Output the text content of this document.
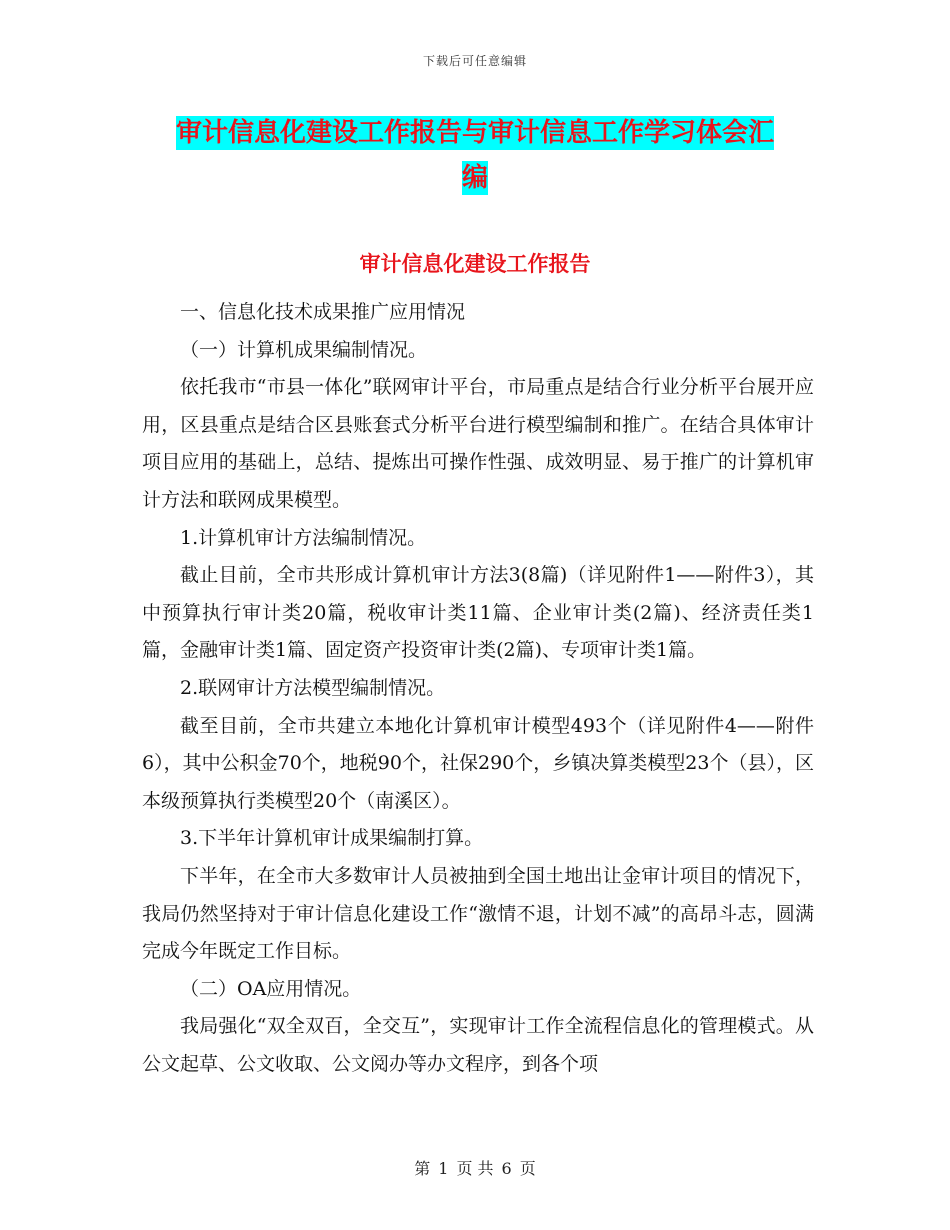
下载后可任意编辑
审计信息化建设工作报告与审计信息工作学习体会汇
编
审计信息化建设工作报告

一、信息化技术成果推广应用情况

（一）计算机成果编制情况。

依托我市“市县一体化”联网审计平台，市局重点是结合行业分析平台展开应用，区县重点是结合区县账套式分析平台进行模型编制和推广。在结合具体审计项目应用的基础上，总结、提炼出可操作性强、成效明显、易于推广的计算机审计方法和联网成果模型。

1.计算机审计方法编制情况。

截止目前，全市共形成计算机审计方法3(8篇)（详见附件1——附件3），其中预算执行审计类20篇，税收审计类11篇、企业审计类(2篇)、经济责任类1篇，金融审计类1篇、固定资产投资审计类(2篇)、专项审计类1篇。

2.联网审计方法模型编制情况。

截至目前，全市共建立本地化计算机审计模型493个（详见附件4——附件6），其中公积金70个，地税90个，社保290个，乡镇决算类模型23个（县），区本级预算执行类模型20个（南溪区）。

3.下半年计算机审计成果编制打算。

下半年，在全市大多数审计人员被抽到全国土地出让金审计项目的情况下，我局仍然坚持对于审计信息化建设工作“激情不退，计划不减”的高昂斗志，圆满完成今年既定工作目标。

（二）OA应用情况。

我局强化“双全双百，全交互”，实现审计工作全流程信息化的管理模式。从公文起草、公文收取、公文阅办等办文程序，到各个项

第 1 页 共 6 页
